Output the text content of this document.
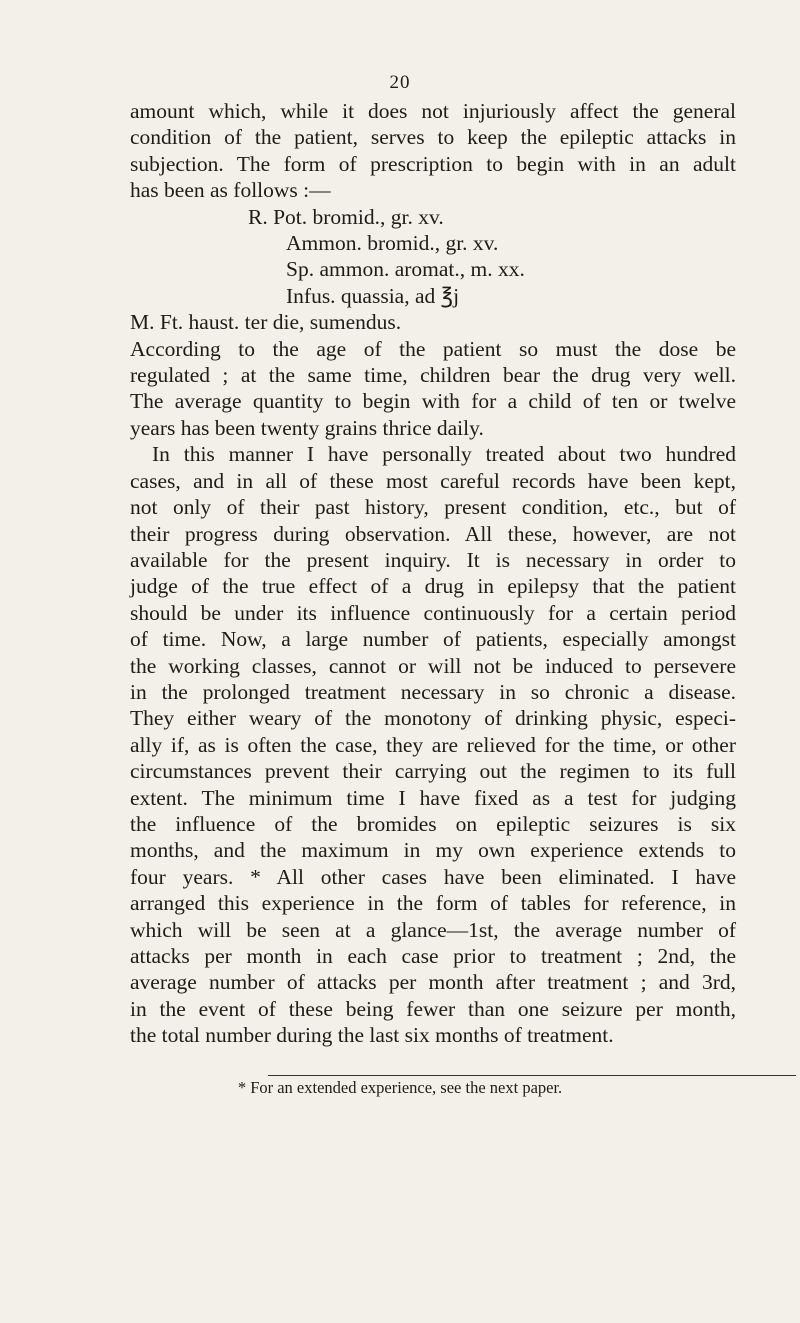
20
amount which, while it does not injuriously affect the general
condition of the patient, serves to keep the epileptic attacks in
subjection. The form of prescription to begin with in an adult
has been as follows :—
R. Pot. bromid., gr. xv.
Ammon. bromid., gr. xv.
Sp. ammon. aromat., m. xx.
Infus. quassia, ad ℥j
M. Ft. haust. ter die, sumendus.
According to the age of the patient so must the dose be
regulated ; at the same time, children bear the drug very well.
The average quantity to begin with for a child of ten or twelve
years has been twenty grains thrice daily.
In this manner I have personally treated about two hundred
cases, and in all of these most careful records have been kept,
not only of their past history, present condition, etc., but of
their progress during observation. All these, however, are not
available for the present inquiry. It is necessary in order to
judge of the true effect of a drug in epilepsy that the patient
should be under its influence continuously for a certain period
of time. Now, a large number of patients, especially amongst
the working classes, cannot or will not be induced to persevere
in the prolonged treatment necessary in so chronic a disease.
They either weary of the monotony of drinking physic, especi-
ally if, as is often the case, they are relieved for the time, or other
circumstances prevent their carrying out the regimen to its full
extent. The minimum time I have fixed as a test for judging
the influence of the bromides on epileptic seizures is six
months, and the maximum in my own experience extends to
four years. * All other cases have been eliminated. I have
arranged this experience in the form of tables for reference, in
which will be seen at a glance—1st, the average number of
attacks per month in each case prior to treatment ; 2nd, the
average number of attacks per month after treatment ; and 3rd,
in the event of these being fewer than one seizure per month,
the total number during the last six months of treatment.
* For an extended experience, see the next paper.
